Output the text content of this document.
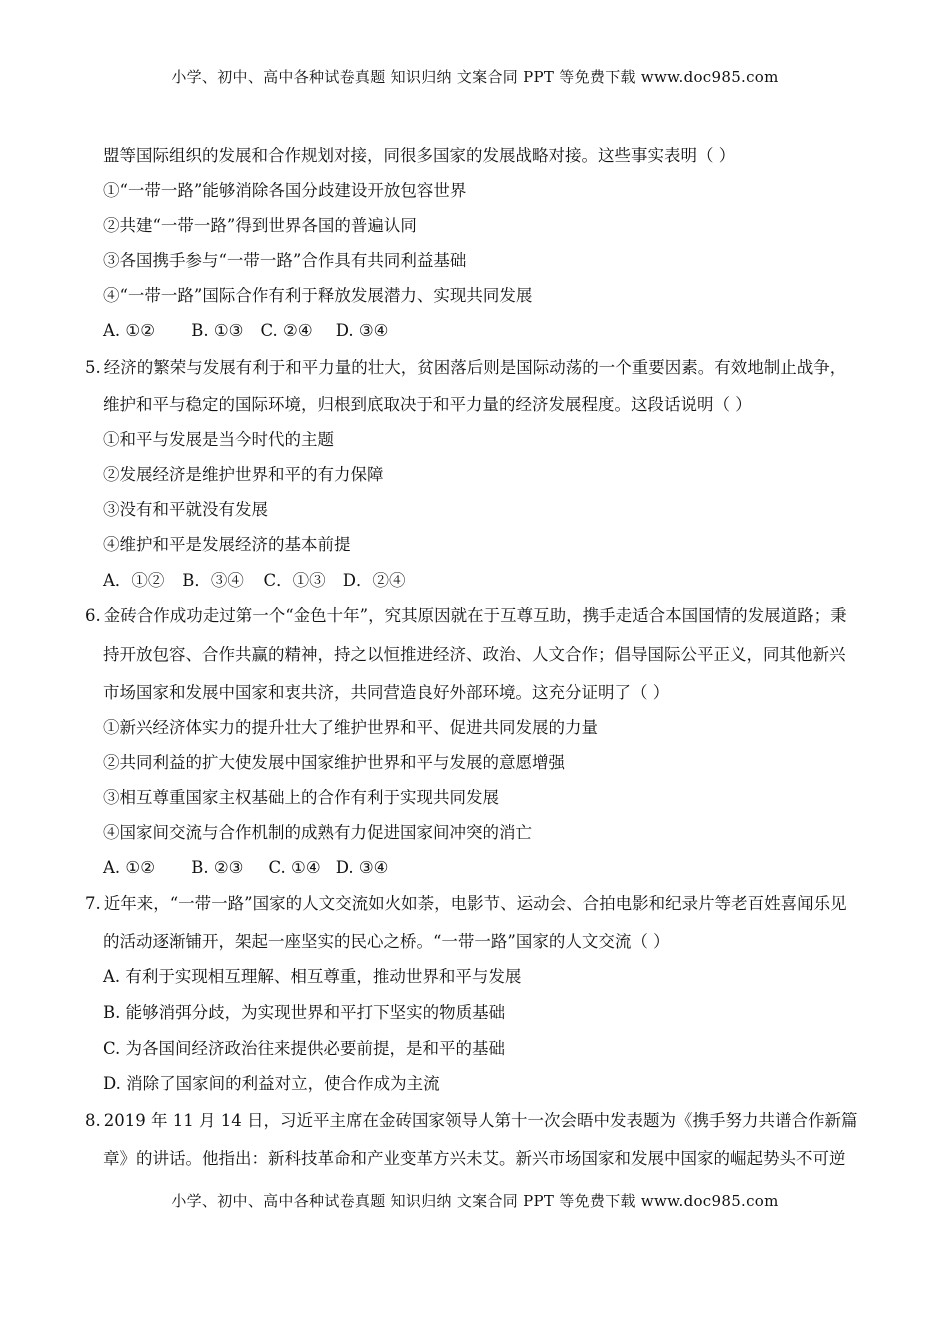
小学、初中、高中各种试卷真题 知识归纳 文案合同 PPT 等免费下载 www.doc985.com
盟等国际组织的发展和合作规划对接，同很多国家的发展战略对接。这些事实表明（ ）
①“一带一路”能够消除各国分歧建设开放包容世界
②共建“一带一路”得到世界各国的普遍认同
③各国携手参与“一带一路”合作具有共同利益基础
④“一带一路”国际合作有利于释放发展潜力、实现共同发展
A. ①② B. ①③ C. ②④ D. ③④
5. 经济的繁荣与发展有利于和平力量的壮大，贫困落后则是国际动荡的一个重要因素。有效地制止战争，
维护和平与稳定的国际环境，归根到底取决于和平力量的经济发展程度。这段话说明（ ）
①和平与发展是当今时代的主题
②发展经济是维护世界和平的有力保障
③没有和平就没有发展
④维护和平是发展经济的基本前提
A．①② B．③④ C．①③ D．②④
6. 金砖合作成功走过第一个“金色十年”，究其原因就在于互尊互助，携手走适合本国国情的发展道路；秉
持开放包容、合作共赢的精神，持之以恒推进经济、政治、人文合作；倡导国际公平正义，同其他新兴
市场国家和发展中国家和衷共济，共同营造良好外部环境。这充分证明了（ ）
①新兴经济体实力的提升壮大了维护世界和平、促进共同发展的力量
②共同利益的扩大使发展中国家维护世界和平与发展的意愿增强
③相互尊重国家主权基础上的合作有利于实现共同发展
④国家间交流与合作机制的成熟有力促进国家间冲突的消亡
A. ①② B. ②③ C. ①④ D. ③④
7. 近年来，“一带一路”国家的人文交流如火如荼，电影节、运动会、合拍电影和纪录片等老百姓喜闻乐见
的活动逐渐铺开，架起一座坚实的民心之桥。“一带一路”国家的人文交流（ ）
A. 有利于实现相互理解、相互尊重，推动世界和平与发展
B. 能够消弭分歧，为实现世界和平打下坚实的物质基础
C. 为各国间经济政治往来提供必要前提，是和平的基础
D. 消除了国家间的利益对立，使合作成为主流
8. 2019 年 11 月 14 日，习近平主席在金砖国家领导人第十一次会晤中发表题为《携手努力共谱合作新篇
章》的讲话。他指出：新科技革命和产业变革方兴未艾。新兴市场国家和发展中国家的崛起势头不可逆
小学、初中、高中各种试卷真题 知识归纳 文案合同 PPT 等免费下载 www.doc985.com
